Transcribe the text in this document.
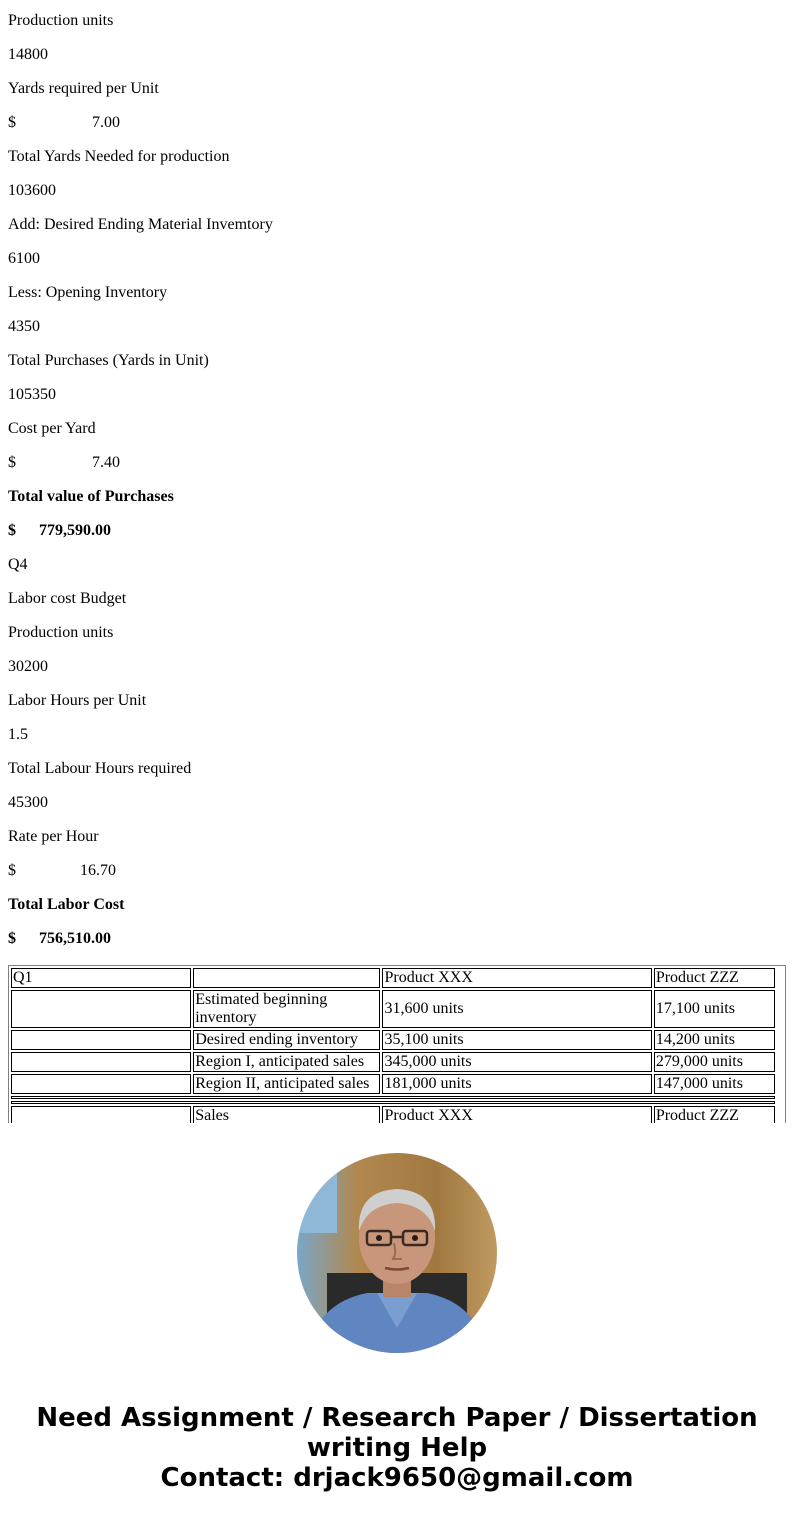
Production units
14800
Yards required per Unit
$	7.00
Total Yards Needed for production
103600
Add: Desired Ending Material Invemtory
6100
Less: Opening Inventory
4350
Total Purchases (Yards in Unit)
105350
Cost per Yard
$	7.40
Total value of Purchases
$ 779,590.00
Q4
Labor cost Budget
Production units
30200
Labor Hours per Unit
1.5
Total Labour Hours required
45300
Rate per Hour
$	16.70
Total Labor Cost
$ 756,510.00
Q1		Product XXX	Product ZZZ
	Estimated beginning inventory	31,600 units	17,100 units
	Desired ending inventory	35,100 units	14,200 units
	Region I, anticipated sales	345,000 units	279,000 units
	Region II, anticipated sales	181,000 units	147,000 units

	Sales	Product XXX	Product ZZZ
Need Assignment / Research Paper / Dissertation
writing Help
Contact: drjack9650@gmail.com
